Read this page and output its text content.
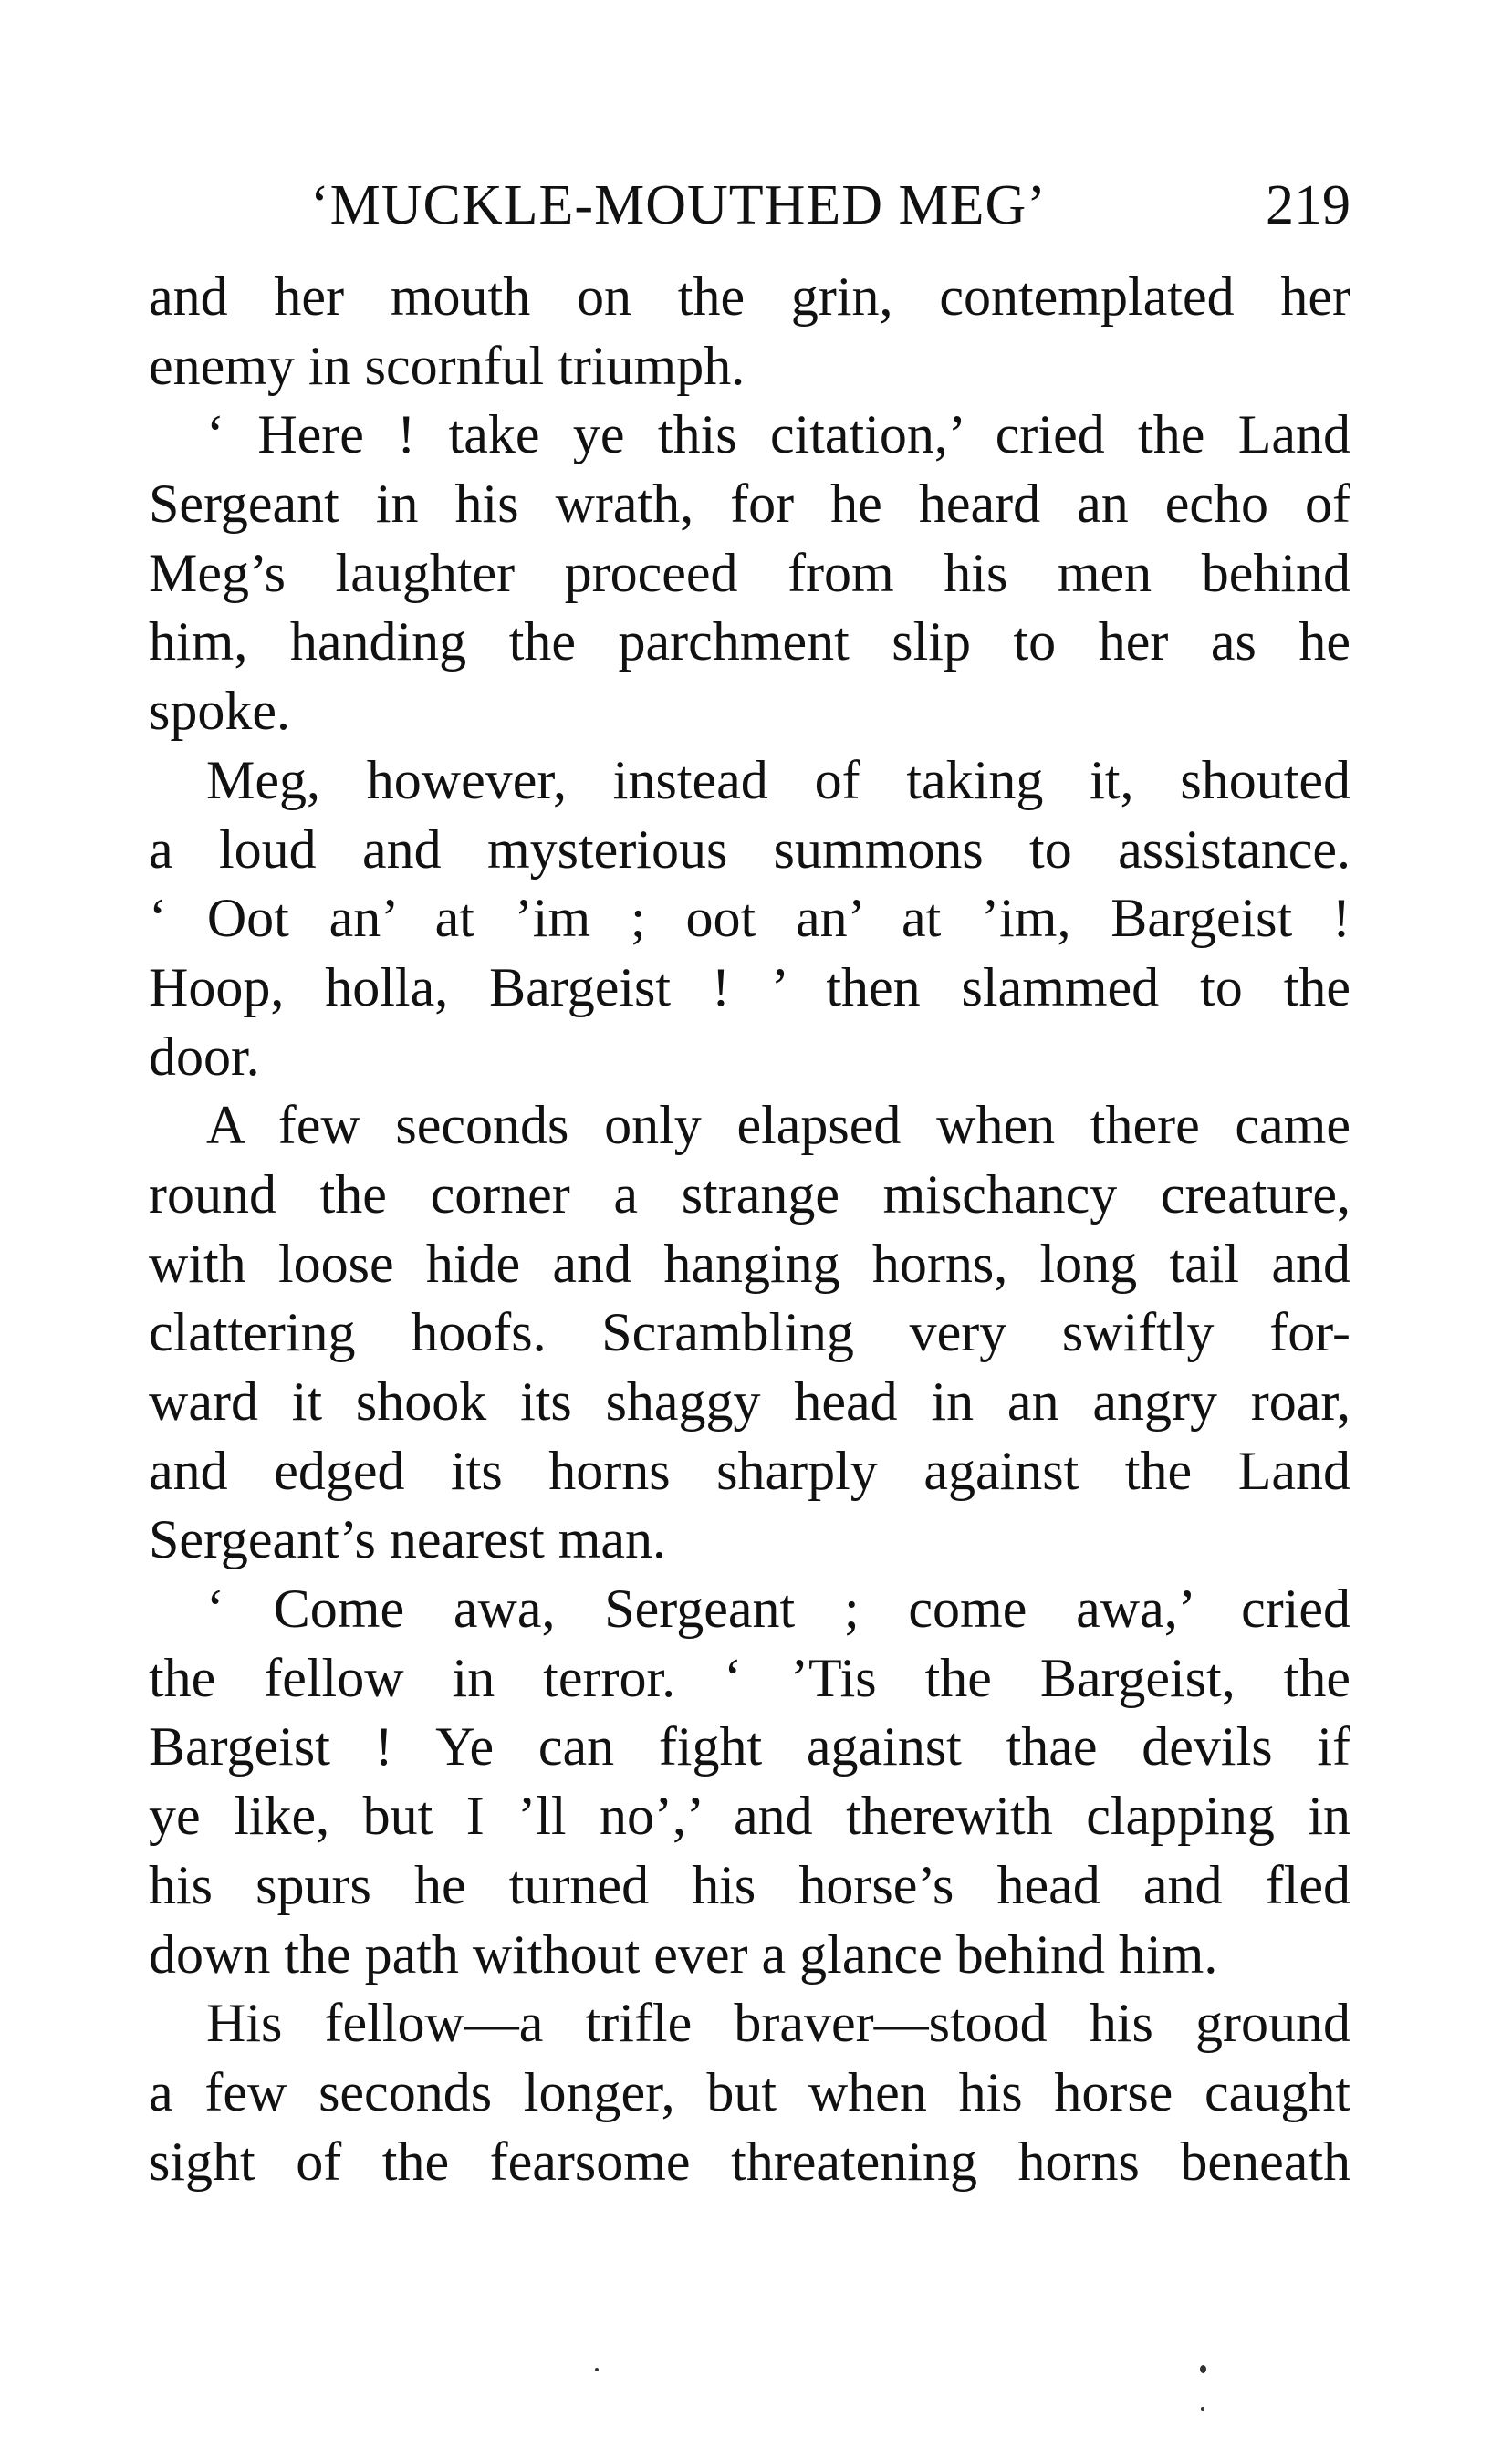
‘MUCKLE-MOUTHED MEG’	219
and her mouth on the grin, contemplated her
enemy in scornful triumph.
‘ Here ! take ye this citation,’ cried the Land
Sergeant in his wrath, for he heard an echo of
Meg’s laughter proceed from his men behind
him, handing the parchment slip to her as he
spoke.
Meg, however, instead of taking it, shouted
a loud and mysterious summons to assistance.
‘ Oot an’ at ’im ; oot an’ at ’im, Bargeist !
Hoop, holla, Bargeist ! ’ then slammed to the
door.
A few seconds only elapsed when there came
round the corner a strange mischancy creature,
with loose hide and hanging horns, long tail and
clattering hoofs. Scrambling very swiftly for-
ward it shook its shaggy head in an angry roar,
and edged its horns sharply against the Land
Sergeant’s nearest man.
‘ Come awa, Sergeant ; come awa,’ cried
the fellow in terror. ‘ ’Tis the Bargeist, the
Bargeist ! Ye can fight against thae devils if
ye like, but I ’ll no’,’ and therewith clapping in
his spurs he turned his horse’s head and fled
down the path without ever a glance behind him.
His fellow—a trifle braver—stood his ground
a few seconds longer, but when his horse caught
sight of the fearsome threatening horns beneath
